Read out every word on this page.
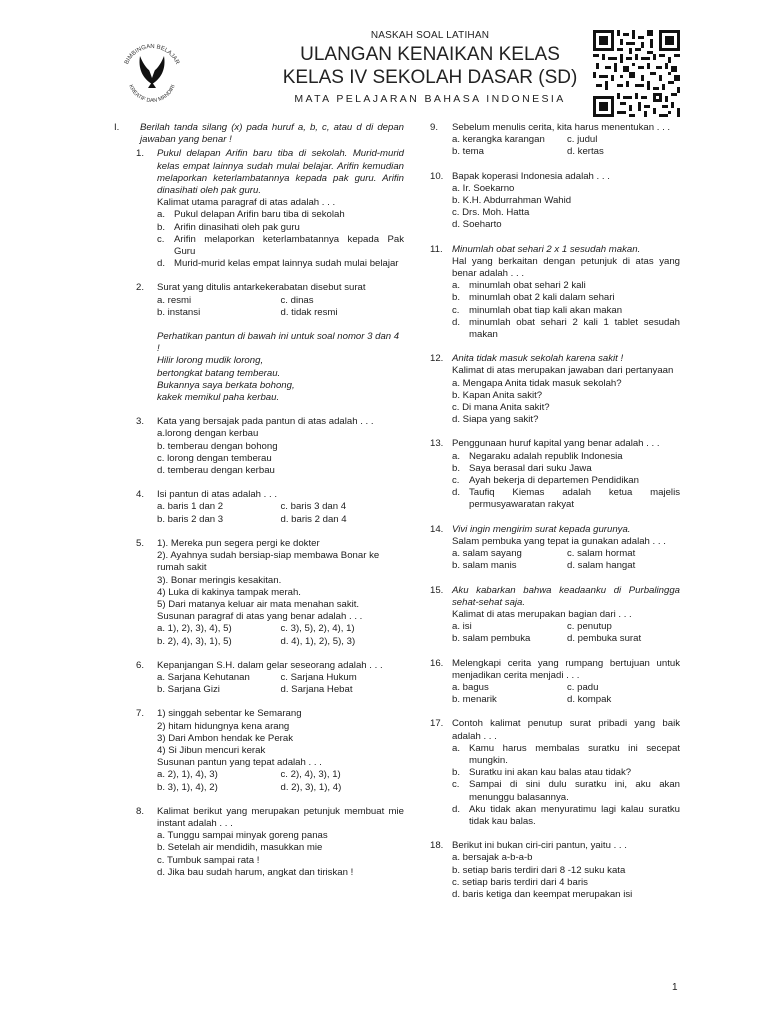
BIMBINGAN BELAJAR
KREATIF DAN MANDIRI
NASKAH SOAL LATIHAN
ULANGAN KENAIKAN KELAS
KELAS IV SEKOLAH DASAR (SD)
MATA PELAJARAN BAHASA INDONESIA
I.	Berilah tanda silang (x) pada huruf a, b, c, atau d di depan jawaban yang benar !
1.	Pukul delapan Arifin baru tiba di sekolah. Murid-murid kelas empat lainnya sudah mulai belajar. Arifin kemudian melaporkan keterlambatannya kepada pak guru. Arifin dinasihati oleh pak guru.
Kalimat utama paragraf di atas adalah . . .
a. Pukul delapan Arifin baru tiba di sekolah
b. Arifin dinasihati oleh pak guru
c. Arifin melaporkan keterlambatannya kepada Pak Guru
d. Murid-murid kelas empat lainnya sudah mulai belajar
2.	Surat yang ditulis antarkekerabatan disebut surat
a. resmi	c. dinas
b. instansi	d. tidak resmi
Perhatikan pantun di bawah ini untuk soal nomor 3 dan 4 !
Hilir lorong mudik lorong,
bertongkat batang temberau.
Bukannya saya berkata bohong,
kakek memikul paha kerbau.
3.	Kata yang bersajak pada pantun di atas adalah . . .
a.lorong dengan kerbau
b. temberau dengan bohong
c. lorong dengan temberau
d. temberau dengan kerbau
4.	Isi pantun di atas adalah . . .
a. baris 1 dan 2	c. baris 3 dan 4
b. baris 2 dan 3	d. baris 2 dan 4
5.	1). Mereka pun segera pergi ke dokter
2). Ayahnya sudah bersiap-siap membawa Bonar ke rumah sakit
3). Bonar meringis kesakitan.
4) Luka di kakinya tampak merah.
5) Dari matanya keluar air mata menahan sakit.
Susunan paragraf di atas yang benar adalah . . .
a. 1), 2), 3), 4), 5)	c. 3), 5), 2), 4), 1)
b. 2), 4), 3), 1), 5)	d. 4), 1), 2), 5), 3)
6.	Kepanjangan S.H. dalam gelar seseorang adalah . . .
a. Sarjana Kehutanan	c. Sarjana Hukum
b. Sarjana Gizi	d. Sarjana Hebat
7.	1) singgah sebentar ke Semarang
2) hitam hidungnya kena arang
3) Dari Ambon hendak ke Perak
4) Si Jibun mencuri kerak
Susunan pantun yang tepat adalah . . .
a. 2), 1), 4), 3)	c. 2), 4), 3), 1)
b. 3), 1), 4), 2)	d. 2), 3), 1), 4)
8.	Kalimat berikut yang merupakan petunjuk membuat mie instant adalah . . .
a. Tunggu sampai minyak goreng panas
b. Setelah air mendidih, masukkan mie
c. Tumbuk sampai rata !
d. Jika bau sudah harum, angkat dan tiriskan !
9.	Sebelum menulis cerita, kita harus menentukan . . .
a. kerangka karangan	c. judul
b. tema	d. kertas
10. Bapak koperasi Indonesia adalah . . .
a. Ir. Soekarno
b. K.H. Abdurrahman Wahid
c. Drs. Moh. Hatta
d. Soeharto
11. Minumlah obat sehari 2 x 1 sesudah makan.
Hal yang berkaitan dengan petunjuk di atas yang benar adalah . . .
a. minumlah obat sehari 2 kali
b. minumlah obat 2 kali dalam sehari
c. minumlah obat tiap kali akan makan
d. minumlah obat sehari 2 kali 1 tablet sesudah makan
12. Anita tidak masuk sekolah karena sakit !
Kalimat di atas merupakan jawaban dari pertanyaan
a. Mengapa Anita tidak masuk sekolah?
b. Kapan Anita sakit?
c. Di mana Anita sakit?
d. Siapa yang sakit?
13. Penggunaan huruf kapital yang benar adalah . . .
a. Negaraku adalah republik Indonesia
b. Saya berasal dari suku Jawa
c. Ayah bekerja di departemen Pendidikan
d. Taufiq Kiemas adalah ketua majelis permusyawaratan rakyat
14. Vivi ingin mengirim surat kepada gurunya.
Salam pembuka yang tepat ia gunakan adalah . . .
a. salam sayang	c. salam hormat
b. salam manis	d. salam hangat
15. Aku kabarkan bahwa keadaanku di Purbalingga sehat-sehat saja.
Kalimat di atas merupakan bagian dari . . .
a. isi	c. penutup
b. salam pembuka	d. pembuka surat
16. Melengkapi cerita yang rumpang bertujuan untuk menjadikan cerita menjadi . . .
a. bagus	c. padu
b. menarik	d. kompak
17. Contoh kalimat penutup surat pribadi yang baik adalah . . .
a. Kamu harus membalas suratku ini secepat mungkin.
b. Suratku ini akan kau balas atau tidak?
c. Sampai di sini dulu suratku ini, aku akan menunggu balasannya.
d. Aku tidak akan menyuratimu lagi kalau suratku tidak kau balas.
18. Berikut ini bukan ciri-ciri pantun, yaitu . . .
a. bersajak a-b-a-b
b. setiap baris terdiri dari 8 -12 suku kata
c. setiap baris terdiri dari 4 baris
d. baris ketiga dan keempat merupakan isi
1
